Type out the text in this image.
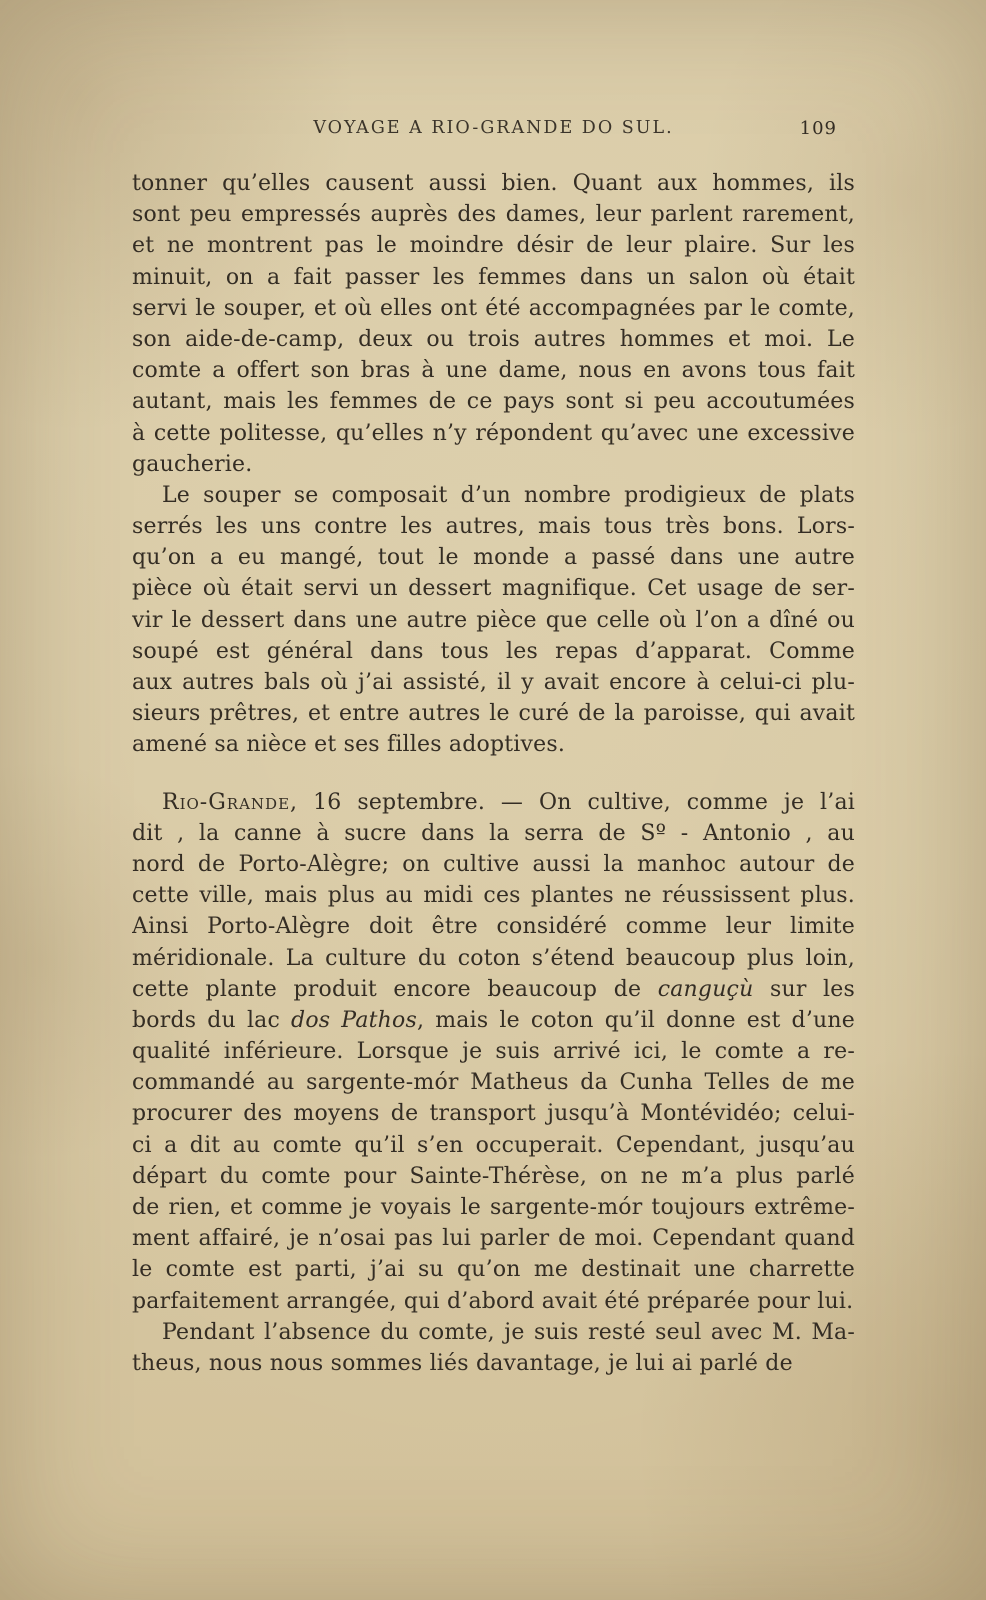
VOYAGE A RIO-GRANDE DO SUL.	109

tonner qu’elles causent aussi bien. Quant aux hommes, ils
sont peu empressés auprès des dames, leur parlent rarement,
et ne montrent pas le moindre désir de leur plaire. Sur les
minuit, on a fait passer les femmes dans un salon où était
servi le souper, et où elles ont été accompagnées par le comte,
son aide-de-camp, deux ou trois autres hommes et moi. Le
comte a offert son bras à une dame, nous en avons tous fait
autant, mais les femmes de ce pays sont si peu accoutumées
à cette politesse, qu’elles n’y répondent qu’avec une excessive
gaucherie.

Le souper se composait d’un nombre prodigieux de plats
serrés les uns contre les autres, mais tous très bons. Lors-
qu’on a eu mangé, tout le monde a passé dans une autre
pièce où était servi un dessert magnifique. Cet usage de ser-
vir le dessert dans une autre pièce que celle où l’on a dîné ou
soupé est général dans tous les repas d’apparat. Comme
aux autres bals où j’ai assisté, il y avait encore à celui-ci plu-
sieurs prêtres, et entre autres le curé de la paroisse, qui avait
amené sa nièce et ses filles adoptives.

Rio-Grande, 16 septembre. — On cultive, comme je l’ai
dit , la canne à sucre dans la serra de Sº - Antonio , au
nord de Porto-Alègre; on cultive aussi la manhoc autour de
cette ville, mais plus au midi ces plantes ne réussissent plus.
Ainsi Porto-Alègre doit être considéré comme leur limite
méridionale. La culture du coton s’étend beaucoup plus loin,
cette plante produit encore beaucoup de canguçù sur les
bords du lac dos Pathos, mais le coton qu’il donne est d’une
qualité inférieure. Lorsque je suis arrivé ici, le comte a re-
commandé au sargente-mór Matheus da Cunha Telles de me
procurer des moyens de transport jusqu’à Montévidéo; celui-
ci a dit au comte qu’il s’en occuperait. Cependant, jusqu’au
départ du comte pour Sainte-Thérèse, on ne m’a plus parlé
de rien, et comme je voyais le sargente-mór toujours extrême-
ment affairé, je n’osai pas lui parler de moi. Cependant quand
le comte est parti, j’ai su qu’on me destinait une charrette
parfaitement arrangée, qui d’abord avait été préparée pour lui.

Pendant l’absence du comte, je suis resté seul avec M. Ma-
theus, nous nous sommes liés davantage, je lui ai parlé de
